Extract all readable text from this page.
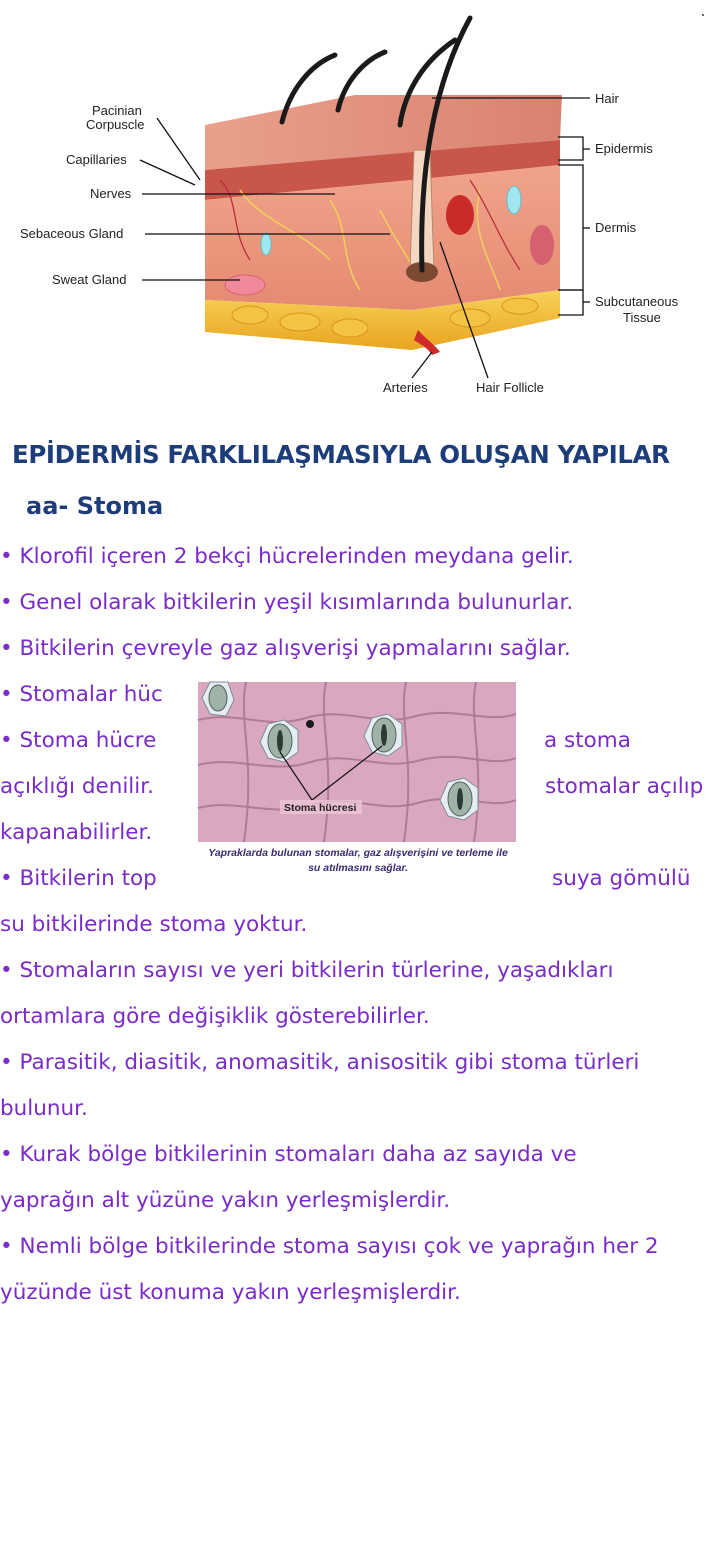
Pacinian
Corpuscle
Capillaries
Nerves
Sebaceous Gland
Sweat Gland
Hair
Epidermis
Dermis
Subcutaneous
Tissue
Arteries	Hair Follicle
EPİDERMİS FARKLILAŞMASIYLA OLUŞAN YAPILAR
aa- Stoma
• Klorofil içeren 2 bekçi hücrelerinden meydana gelir.
• Genel olarak bitkilerin yeşil kısımlarında bulunurlar.
• Bitkilerin çevreyle gaz alışverişi yapmalarını sağlar.
• Stomalar hüc
• Stoma hücre	a stoma
açıklığı denilir.	stomalar açılıp
kapanabilirler.
• Bitkilerin top	suya gömülü
su bitkilerinde stoma yoktur.
• Stomaların sayısı ve yeri bitkilerin türlerine, yaşadıkları
ortamlara göre değişiklik gösterebilirler.
• Parasitik, diasitik, anomasitik, anisositik gibi stoma türleri
bulunur.
• Kurak bölge bitkilerinin stomaları daha az sayıda ve
yaprağın alt yüzüne yakın yerleşmişlerdir.
• Nemli bölge bitkilerinde stoma sayısı çok ve yaprağın her 2
yüzünde üst konuma yakın yerleşmişlerdir.
Stoma hücresi
Yapraklarda bulunan stomalar, gaz alışverişini ve terleme ile
su atılmasını sağlar.
